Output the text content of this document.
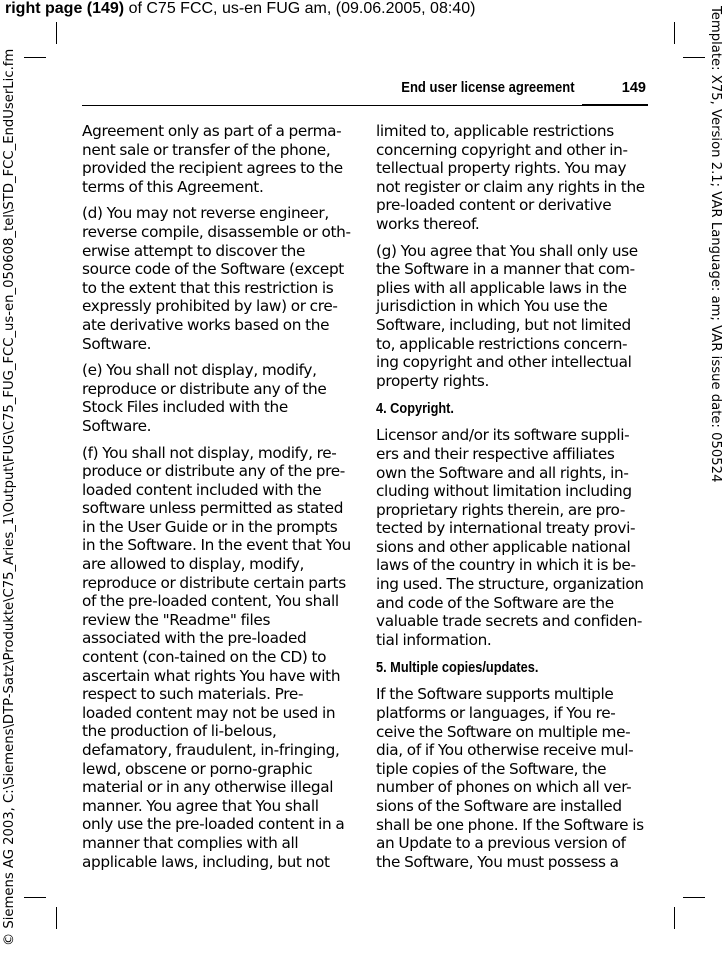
right page (149) of C75 FCC, us-en FUG am, (09.06.2005, 08:40)
© Siemens AG 2003, C:\Siemens\DTP-Satz\Produkte\C75_Aries_1\Output\FUG\C75_FUG_FCC_us-en_050608_tel\STD_FCC_EndUserLic.fm	Template: X75, Version 2.1; VAR Language: am; VAR issue date: 050524
End user license agreement	149

Agreement only as part of a perma-nent sale or transfer of the phone, provided the recipient agrees to the terms of this Agreement.

(d) You may not reverse engineer, reverse compile, disassemble or oth-erwise attempt to discover the source code of the Software (except to the extent that this restriction is expressly prohibited by law) or cre-ate derivative works based on the Software.

(e) You shall not display, modify, reproduce or distribute any of the Stock Files included with the Software.

(f) You shall not display, modify, re-produce or distribute any of the pre-loaded content included with the software unless permitted as stated in the User Guide or in the prompts in the Software. In the event that You are allowed to display, modify, reproduce or distribute certain parts of the pre-loaded content, You shall review the "Readme" files associated with the pre-loaded content (con-tained on the CD) to ascertain what rights You have with respect to such materials. Pre-loaded content may not be used in the production of li-belous, defamatory, fraudulent, in-fringing, lewd, obscene or porno-graphic material or in any otherwise illegal manner. You agree that You shall only use the pre-loaded content in a manner that complies with all applicable laws, including, but not

limited to, applicable restrictions concerning copyright and other in-tellectual property rights. You may not register or claim any rights in the pre-loaded content or derivative works thereof.

(g) You agree that You shall only use the Software in a manner that com-plies with all applicable laws in the jurisdiction in which You use the Software, including, but not limited to, applicable restrictions concern-ing copyright and other intellectual property rights.

4. Copyright.

Licensor and/or its software suppli-ers and their respective affiliates own the Software and all rights, in-cluding without limitation including proprietary rights therein, are pro-tected by international treaty provi-sions and other applicable national laws of the country in which it is be-ing used. The structure, organization and code of the Software are the valuable trade secrets and confiden-tial information.

5. Multiple copies/updates.

If the Software supports multiple platforms or languages, if You re-ceive the Software on multiple me-dia, of if You otherwise receive mul-tiple copies of the Software, the number of phones on which all ver-sions of the Software are installed shall be one phone. If the Software is an Update to a previous version of the Software, You must possess a
